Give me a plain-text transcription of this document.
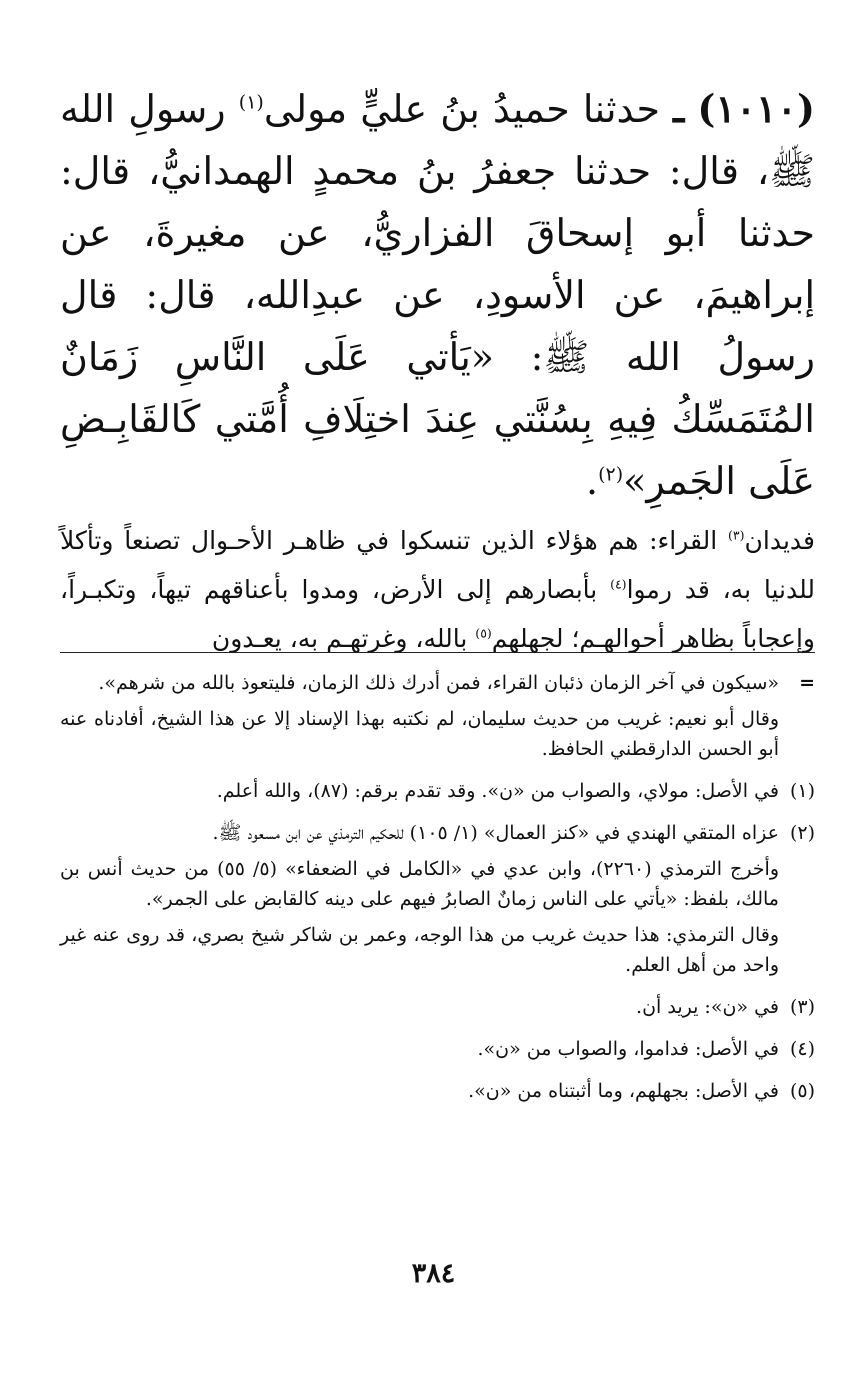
(١٠١٠) ـ حدثنا حميدُ بنُ عليٍّ مولى$^{(١)}$ رسولِ الله ﷺ، قال: حدثنا جعفرُ بنُ محمدٍ الهمدانيُّ، قال: حدثنا أبو إسحاقَ الفزاريُّ، عن مغيرةَ، عن إبراهيمَ، عن الأسودِ، عن عبدِالله، قال: قال رسولُ الله ﷺ: «يَأتي عَلَى النَّاسِ زَمَانٌ المُتَمَسِّكُ فِيهِ بِسُنَّتي عِندَ اختِلَافِ أُمَّتي كَالقَابِـضِ عَلَى الجَمرِ»$^{(٢)}$.

فديدان$^{(٣)}$ القراء: هم هؤلاء الذين تنسكوا في ظاهـر الأحـوال تصنعاً وتأكلاً للدنيا به، قد رموا$^{(٤)}$ بأبصارهم إلى الأرض، ومدوا بأعناقهم تيهاً، وتكبـراً، وإعجاباً بظاهر أحوالهـم؛ لجهلهم$^{(٥)}$ بالله، وغرتهـم به، يعـدون

=

«سيكون في آخر الزمان ذئبان القراء، فمن أدرك ذلك الزمان، فليتعوذ بالله من شرهم».

وقال أبو نعيم: غريب من حديث سليمان، لم نكتبه بهذا الإسناد إلا عن هذا الشيخ، أفادناه عنه أبو الحسن الدارقطني الحافظ.

(١)

في الأصل: مولاي، والصواب من «ن». وقد تقدم برقم: (٨٧)، والله أعلم.

(٢)

عزاه المتقي الهندي في «كنز العمال» (١/ ١٠٥) للحكيم الترمذي عن ابن مسعود ﷺ.

وأخرج الترمذي (٢٢٦٠)، وابن عدي في «الكامل في الضعفاء» (٥/ ٥٥) من حديث أنس بن مالك، بلفظ: «يأتي على الناس زمانٌ الصابرُ فيهم على دينه كالقابض على الجمر».

وقال الترمذي: هذا حديث غريب من هذا الوجه، وعمر بن شاكر شيخ بصري، قد روى عنه غير واحد من أهل العلم.

(٣)

في «ن»: يريد أن.

(٤)

في الأصل: فداموا، والصواب من «ن».

(٥)

في الأصل: بجهلهم، وما أثبتناه من «ن».

٣٨٤
